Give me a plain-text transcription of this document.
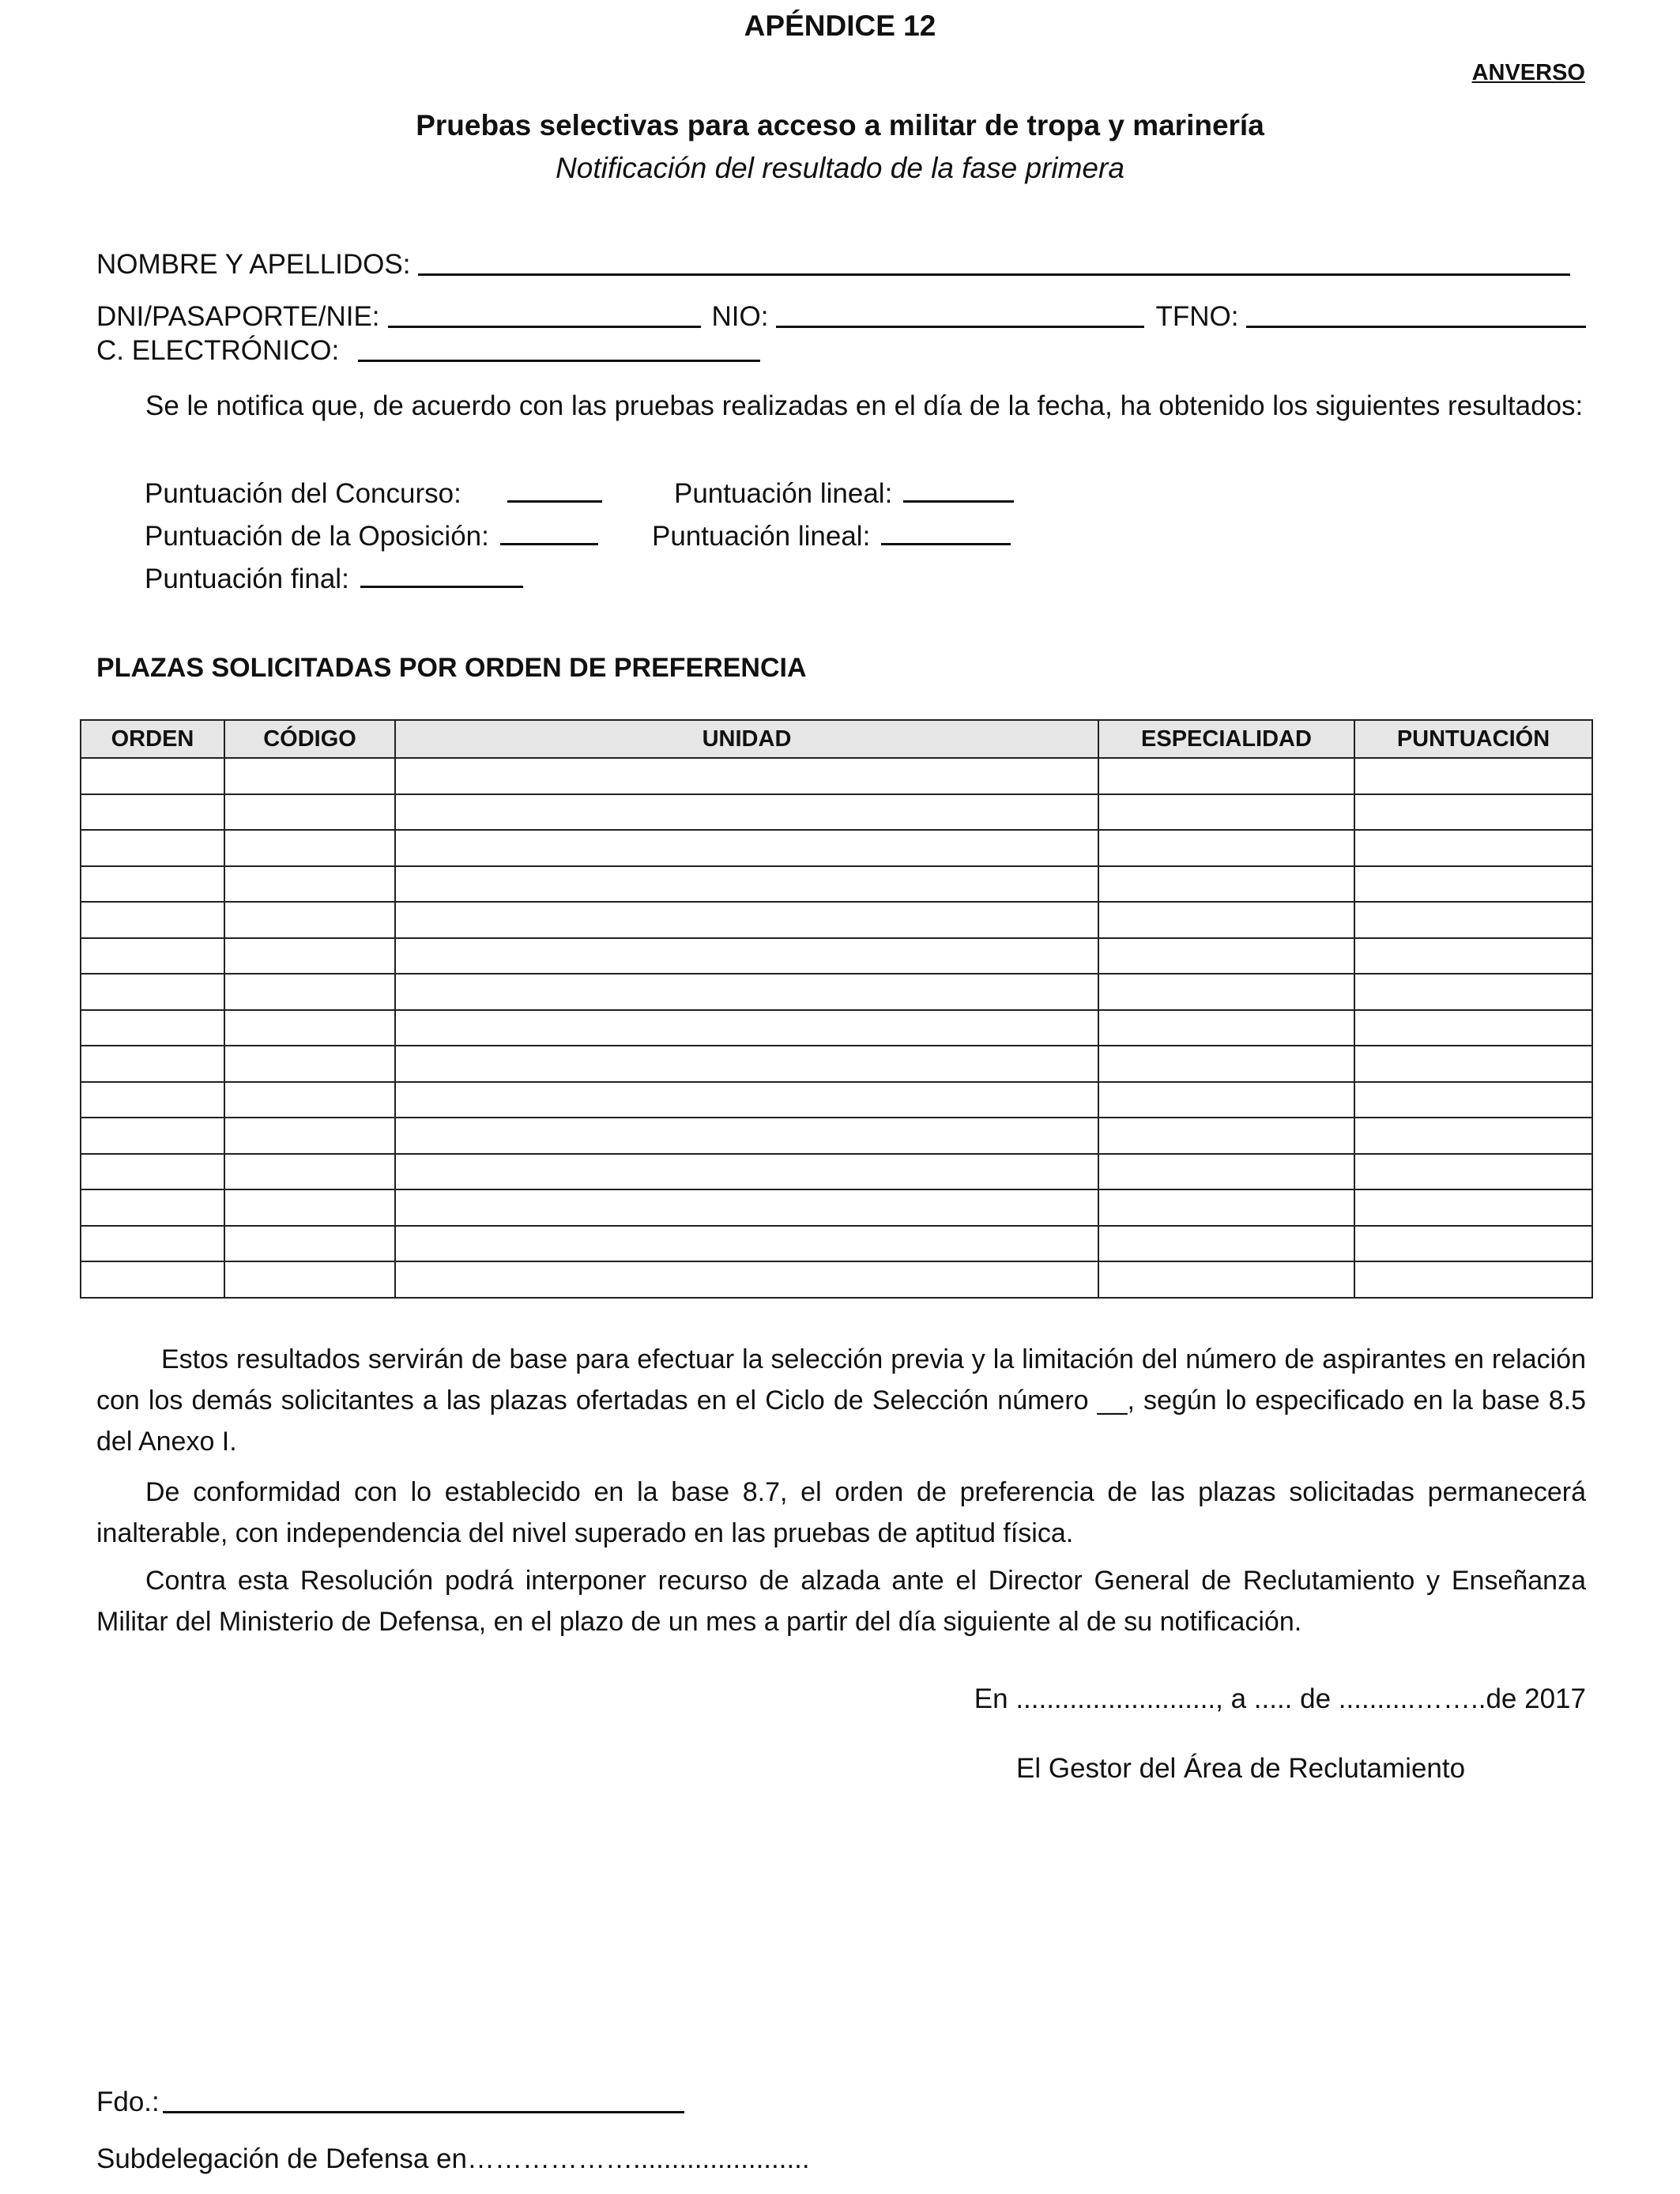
APÉNDICE 12
ANVERSO
Pruebas selectivas para acceso a militar de tropa y marinería
Notificación del resultado de la fase primera
NOMBRE Y APELLIDOS:
DNI/PASAPORTE/NIE:	NIO:	TFNO:
C. ELECTRÓNICO:
Se le notifica que, de acuerdo con las pruebas realizadas en el día de la fecha, ha obtenido los siguientes resultados:
Puntuación del Concurso:	Puntuación lineal:
Puntuación de la Oposición:	Puntuación lineal:
Puntuación final:
PLAZAS SOLICITADAS POR ORDEN DE PREFERENCIA
ORDEN	CÓDIGO	UNIDAD	ESPECIALIDAD	PUNTUACIÓN

Estos resultados servirán de base para efectuar la selección previa y la limitación del número de aspirantes en relación con los demás solicitantes a las plazas ofertadas en el Ciclo de Selección número __, según lo especificado en la base 8.5 del Anexo I.
De conformidad con lo establecido en la base 8.7, el orden de preferencia de las plazas solicitadas permanecerá inalterable, con independencia del nivel superado en las pruebas de aptitud física.
Contra esta Resolución podrá interponer recurso de alzada ante el Director General de Reclutamiento y Enseñanza Militar del Ministerio de Defensa, en el plazo de un mes a partir del día siguiente al de su notificación.
En .........................., a ..... de ..........……..de 2017
El Gestor del Área de Reclutamiento
Fdo.:
Subdelegación de Defensa en……………….......................
